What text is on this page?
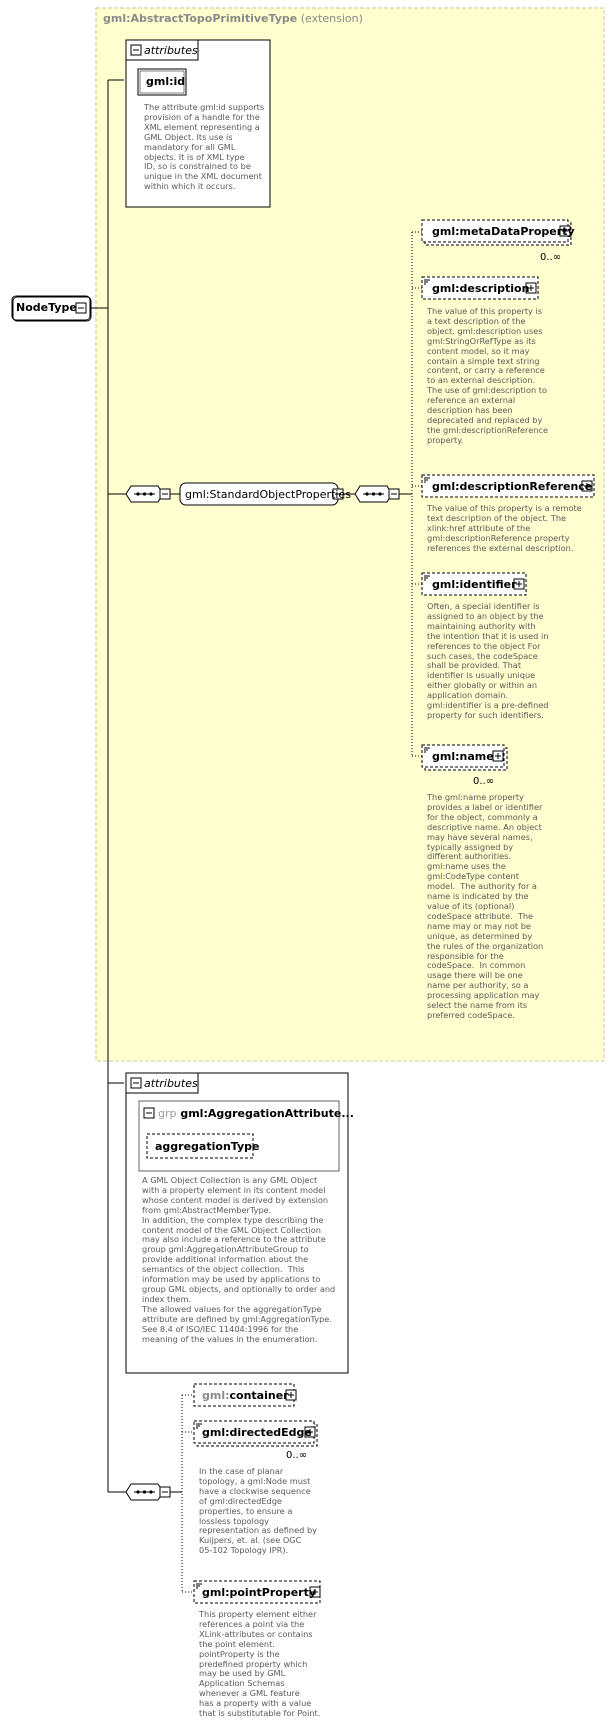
gml:AbstractTopoPrimitiveType (extension)
NodeType
attributes
gml:id
The attribute gml:id supports
provision of a handle for the
XML element representing a
GML Object. Its use is
mandatory for all GML
objects. It is of XML type
ID, so is constrained to be
unique in the XML document
within which it occurs.
gml:StandardObjectProperties
gml:metaDataProperty
0..∞
gml:description
The value of this property is
a text description of the
object. gml:description uses
gml:StringOrRefType as its
content model, so it may
contain a simple text string
content, or carry a reference
to an external description.
The use of gml:description to
reference an external
description has been
deprecated and replaced by
the gml:descriptionReference
property.
gml:descriptionReference
The value of this property is a remote
text description of the object. The
xlink:href attribute of the
gml:descriptionReference property
references the external description.
gml:identifier
Often, a special identifier is
assigned to an object by the
maintaining authority with
the intention that it is used in
references to the object For
such cases, the codeSpace
shall be provided. That
identifier is usually unique
either globally or within an
application domain.
gml:identifier is a pre-defined
property for such identifiers.
gml:name
0..∞
The gml:name property
provides a label or identifier
for the object, commonly a
descriptive name. An object
may have several names,
typically assigned by
different authorities.
gml:name uses the
gml:CodeType content
model.  The authority for a
name is indicated by the
value of its (optional)
codeSpace attribute.  The
name may or may not be
unique, as determined by
the rules of the organization
responsible for the
codeSpace.  In common
usage there will be one
name per authority, so a
processing application may
select the name from its
preferred codeSpace.
attributes
grp gml:AggregationAttribute...
aggregationType
A GML Object Collection is any GML Object
with a property element in its content model
whose content model is derived by extension
from gml:AbstractMemberType.
In addition, the complex type describing the
content model of the GML Object Collection
may also include a reference to the attribute
group gml:AggregationAttributeGroup to
provide additional information about the
semantics of the object collection.  This
information may be used by applications to
group GML objects, and optionally to order and
index them.
The allowed values for the aggregationType
attribute are defined by gml:AggregationType.
See 8.4 of ISO/IEC 11404:1996 for the
meaning of the values in the enumeration.
gml:container
gml:directedEdge
0..∞
In the case of planar
topology, a gml:Node must
have a clockwise sequence
of gml:directedEdge
properties, to ensure a
lossless topology
representation as defined by
Kuijpers, et. al. (see OGC
05-102 Topology IPR).
gml:pointProperty
This property element either
references a point via the
XLink-attributes or contains
the point element.
pointProperty is the
predefined property which
may be used by GML
Application Schemas
whenever a GML feature
has a property with a value
that is substitutable for Point.
